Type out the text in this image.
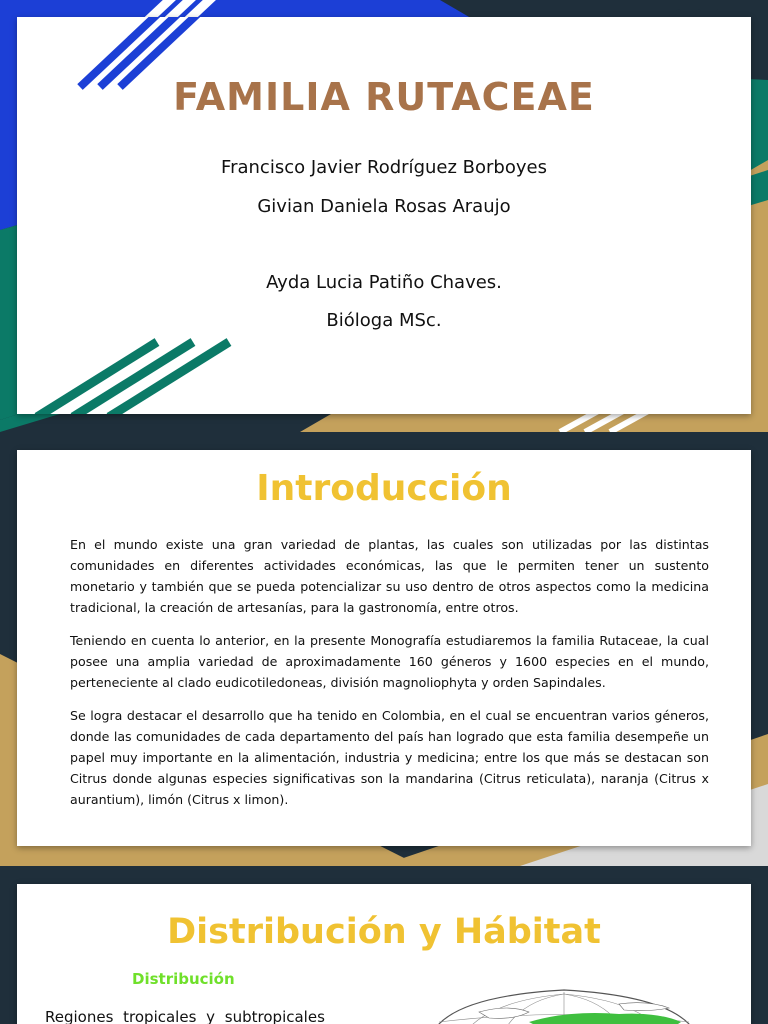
FAMILIA RUTACEAE

Francisco Javier Rodríguez Borboyes

Givian Daniela Rosas Araujo

Ayda Lucia Patiño Chaves.

Bióloga MSc.

Introducción

En el mundo existe una gran variedad de plantas, las cuales son utilizadas por las distintas comunidades en diferentes actividades económicas, las que le permiten tener un sustento monetario y también que se pueda potencializar su uso dentro de otros aspectos como la medicina tradicional, la creación de artesanías, para la gastronomía, entre otros.

Teniendo en cuenta lo anterior, en la presente Monografía estudiaremos la familia Rutaceae, la cual posee una amplia variedad de aproximadamente 160 géneros y 1600 especies en el mundo, perteneciente al clado eudicotiledoneas, división magnoliophyta y orden Sapindales.

Se logra destacar el desarrollo que ha tenido en Colombia, en el cual se encuentran varios géneros, donde las comunidades de cada departamento del país han logrado que esta familia desempeñe un papel muy importante en la alimentación, industria y medicina; entre los que más se destacan son Citrus donde algunas especies significativas son la mandarina (Citrus reticulata), naranja (Citrus x aurantium), limón (Citrus x limon).

Distribución y Hábitat

Distribución

Regiones tropicales y subtropicales
